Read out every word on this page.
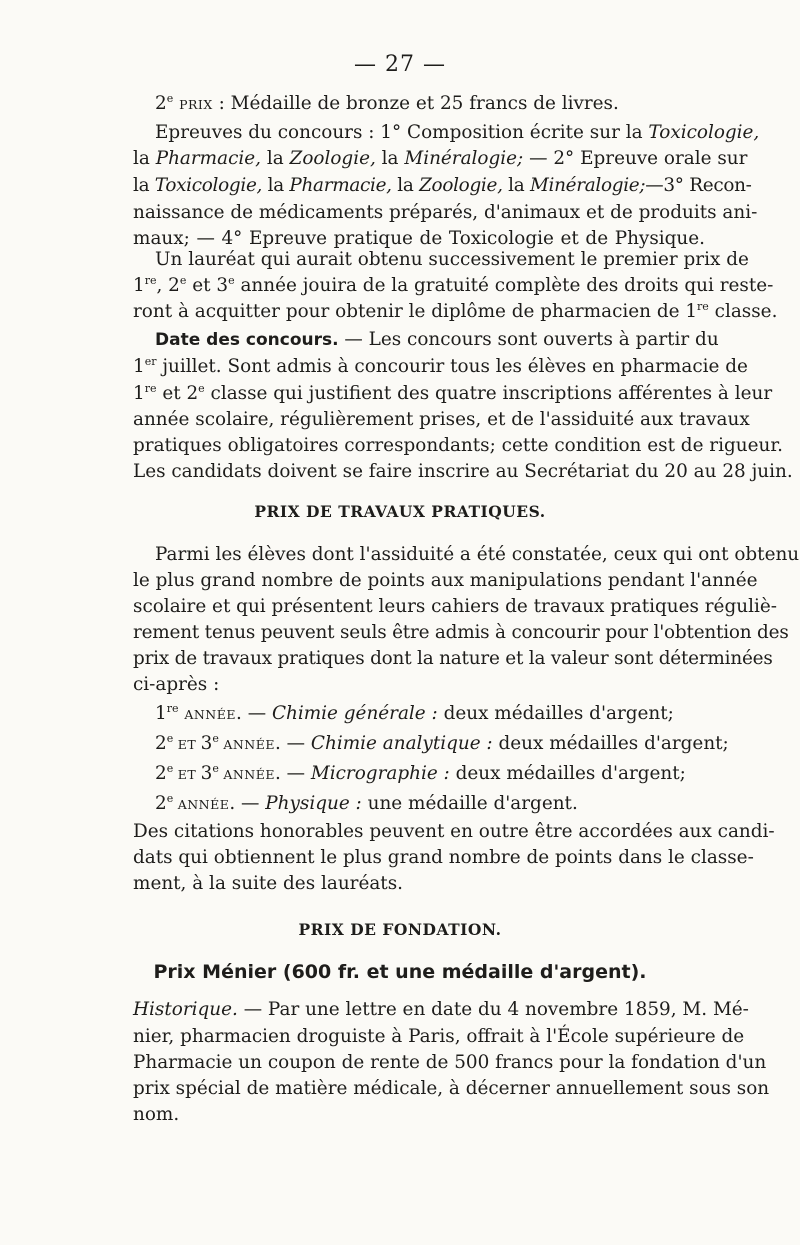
— 27 —
2e PRIX : Médaille de bronze et 25 francs de livres.
Epreuves du concours : 1° Composition écrite sur la Toxicologie,
la Pharmacie, la Zoologie, la Minéralogie; — 2° Epreuve orale sur
la Toxicologie, la Pharmacie, la Zoologie, la Minéralogie;—3° Recon-
naissance de médicaments préparés, d'animaux et de produits ani-
maux; — 4° Epreuve pratique de Toxicologie et de Physique.
Un lauréat qui aurait obtenu successivement le premier prix de
1re, 2e et 3e année jouira de la gratuité complète des droits qui reste-
ront à acquitter pour obtenir le diplôme de pharmacien de 1re classe.
Date des concours. — Les concours sont ouverts à partir du
1er juillet. Sont admis à concourir tous les élèves en pharmacie de
1re et 2e classe qui justifient des quatre inscriptions afférentes à leur
année scolaire, régulièrement prises, et de l'assiduité aux travaux
pratiques obligatoires correspondants; cette condition est de rigueur.
Les candidats doivent se faire inscrire au Secrétariat du 20 au 28 juin.
PRIX DE TRAVAUX PRATIQUES.
Parmi les élèves dont l'assiduité a été constatée, ceux qui ont obtenu
le plus grand nombre de points aux manipulations pendant l'année
scolaire et qui présentent leurs cahiers de travaux pratiques réguliè-
rement tenus peuvent seuls être admis à concourir pour l'obtention des
prix de travaux pratiques dont la nature et la valeur sont déterminées
ci-après :
1re ANNÉE. — Chimie générale : deux médailles d'argent;
2e ET 3e ANNÉE. — Chimie analytique : deux médailles d'argent;
2e ET 3e ANNÉE. — Micrographie : deux médailles d'argent;
2e ANNÉE. — Physique : une médaille d'argent.
Des citations honorables peuvent en outre être accordées aux candi-
dats qui obtiennent le plus grand nombre de points dans le classe-
ment, à la suite des lauréats.
PRIX DE FONDATION.
Prix Ménier (600 fr. et une médaille d'argent).
Historique. — Par une lettre en date du 4 novembre 1859, M. Mé-
nier, pharmacien droguiste à Paris, offrait à l'École supérieure de
Pharmacie un coupon de rente de 500 francs pour la fondation d'un
prix spécial de matière médicale, à décerner annuellement sous son
nom.
